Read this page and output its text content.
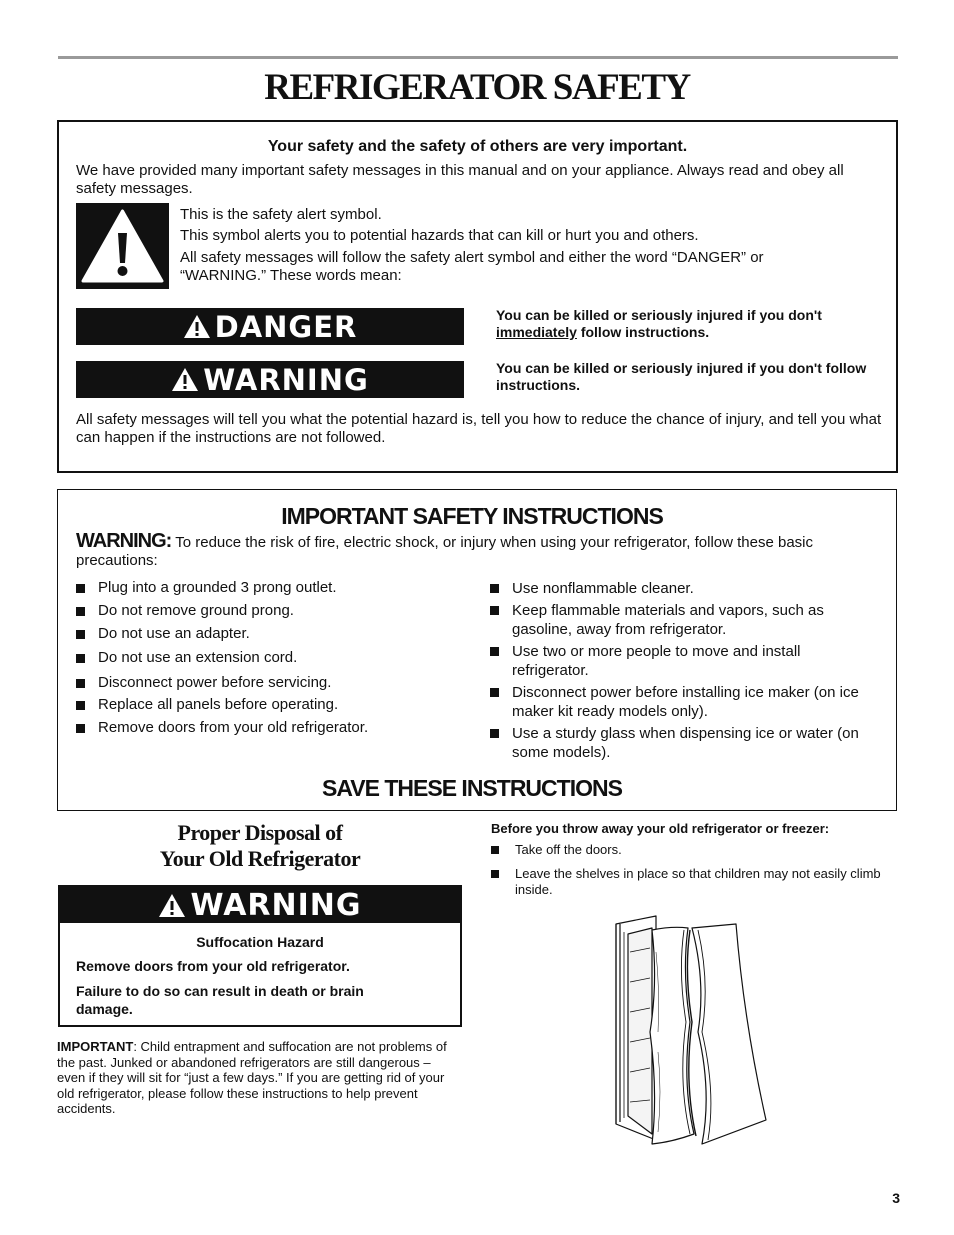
REFRIGERATOR SAFETY
Your safety and the safety of others are very important.
We have provided many important safety messages in this manual and on your appliance. Always read and obey all safety messages.
This is the safety alert symbol.
This symbol alerts you to potential hazards that can kill or hurt you and others.
All safety messages will follow the safety alert symbol and either the word “DANGER” or “WARNING.” These words mean:
DANGER
WARNING
You can be killed or seriously injured if you don't immediately follow instructions.
You can be killed or seriously injured if you don't follow instructions.
All safety messages will tell you what the potential hazard is, tell you how to reduce the chance of injury, and tell you what can happen if the instructions are not followed.
IMPORTANT SAFETY INSTRUCTIONS
WARNING: To reduce the risk of fire, electric shock, or injury when using your refrigerator, follow these basic precautions:
Plug into a grounded 3 prong outlet.
Do not remove ground prong.
Do not use an adapter.
Do not use an extension cord.
Disconnect power before servicing.
Replace all panels before operating.
Remove doors from your old refrigerator.
Use nonflammable cleaner.
Keep flammable materials and vapors, such as gasoline, away from refrigerator.
Use two or more people to move and install refrigerator.
Disconnect power before installing ice maker (on ice maker kit ready models only).
Use a sturdy glass when dispensing ice or water (on some models).
SAVE THESE INSTRUCTIONS
Proper Disposal of
Your Old Refrigerator
WARNING
Suffocation Hazard
Remove doors from your old refrigerator.
Failure to do so can result in death or brain damage.
IMPORTANT: Child entrapment and suffocation are not problems of the past. Junked or abandoned refrigerators are still dangerous – even if they will sit for “just a few days.” If you are getting rid of your old refrigerator, please follow these instructions to help prevent accidents.
Before you throw away your old refrigerator or freezer:
Take off the doors.
Leave the shelves in place so that children may not easily climb inside.
3
